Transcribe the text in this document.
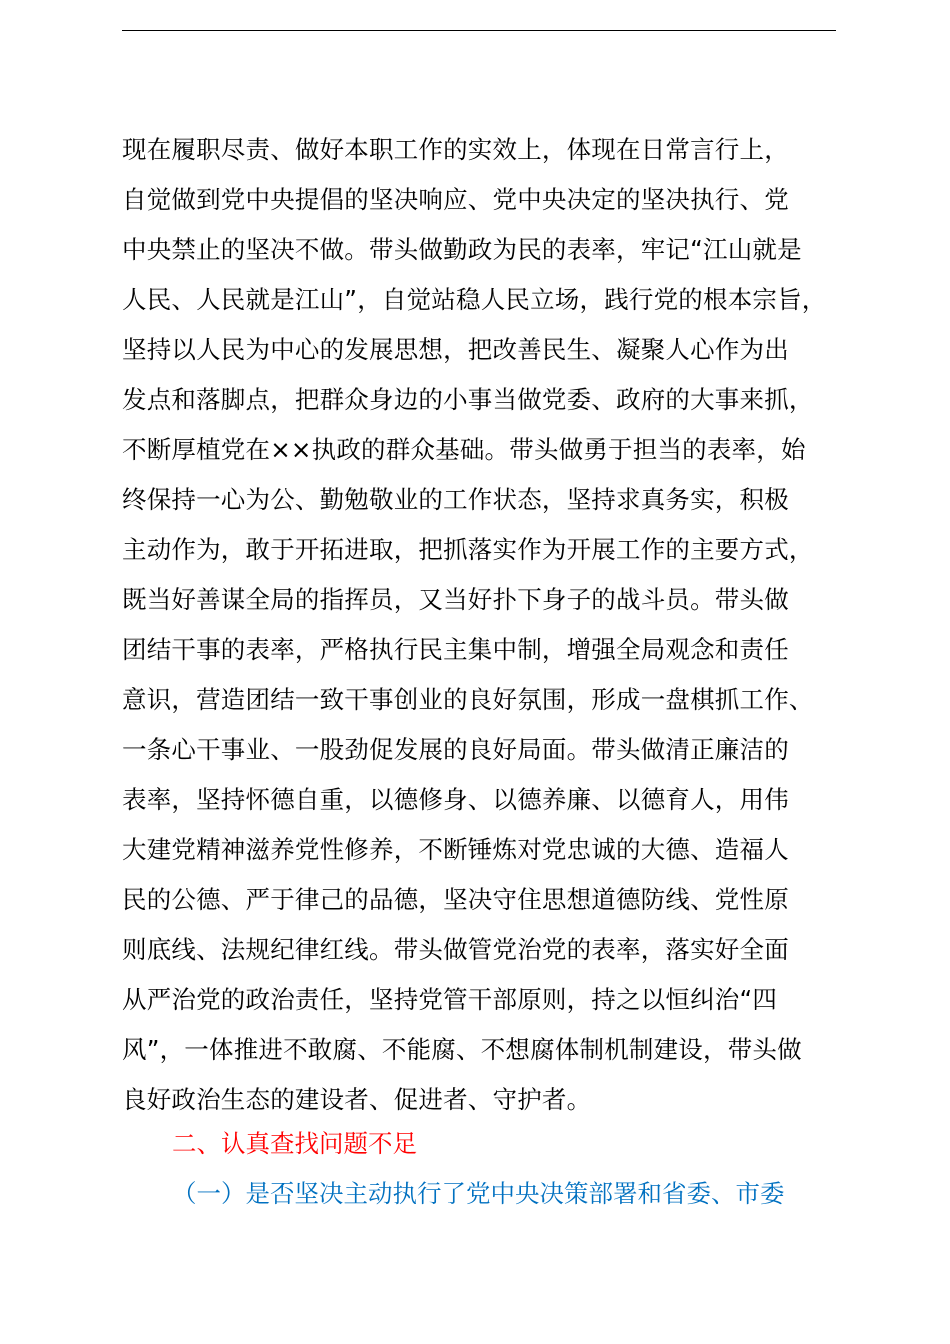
现在履职尽责、做好本职工作的实效上，体现在日常言行上，
自觉做到党中央提倡的坚决响应、党中央决定的坚决执行、党
中央禁止的坚决不做。带头做勤政为民的表率，牢记“江山就是
人民、人民就是江山”，自觉站稳人民立场，践行党的根本宗旨，
坚持以人民为中心的发展思想，把改善民生、凝聚人心作为出
发点和落脚点，把群众身边的小事当做党委、政府的大事来抓，
不断厚植党在××执政的群众基础。带头做勇于担当的表率，始
终保持一心为公、勤勉敬业的工作状态，坚持求真务实，积极
主动作为，敢于开拓进取，把抓落实作为开展工作的主要方式，
既当好善谋全局的指挥员，又当好扑下身子的战斗员。带头做
团结干事的表率，严格执行民主集中制，增强全局观念和责任
意识，营造团结一致干事创业的良好氛围，形成一盘棋抓工作、
一条心干事业、一股劲促发展的良好局面。带头做清正廉洁的
表率，坚持怀德自重，以德修身、以德养廉、以德育人，用伟
大建党精神滋养党性修养，不断锤炼对党忠诚的大德、造福人
民的公德、严于律己的品德，坚决守住思想道德防线、党性原
则底线、法规纪律红线。带头做管党治党的表率，落实好全面
从严治党的政治责任，坚持党管干部原则，持之以恒纠治“四
风”，一体推进不敢腐、不能腐、不想腐体制机制建设，带头做
良好政治生态的建设者、促进者、守护者。
二、认真查找问题不足
（一）是否坚决主动执行了党中央决策部署和省委、市委
